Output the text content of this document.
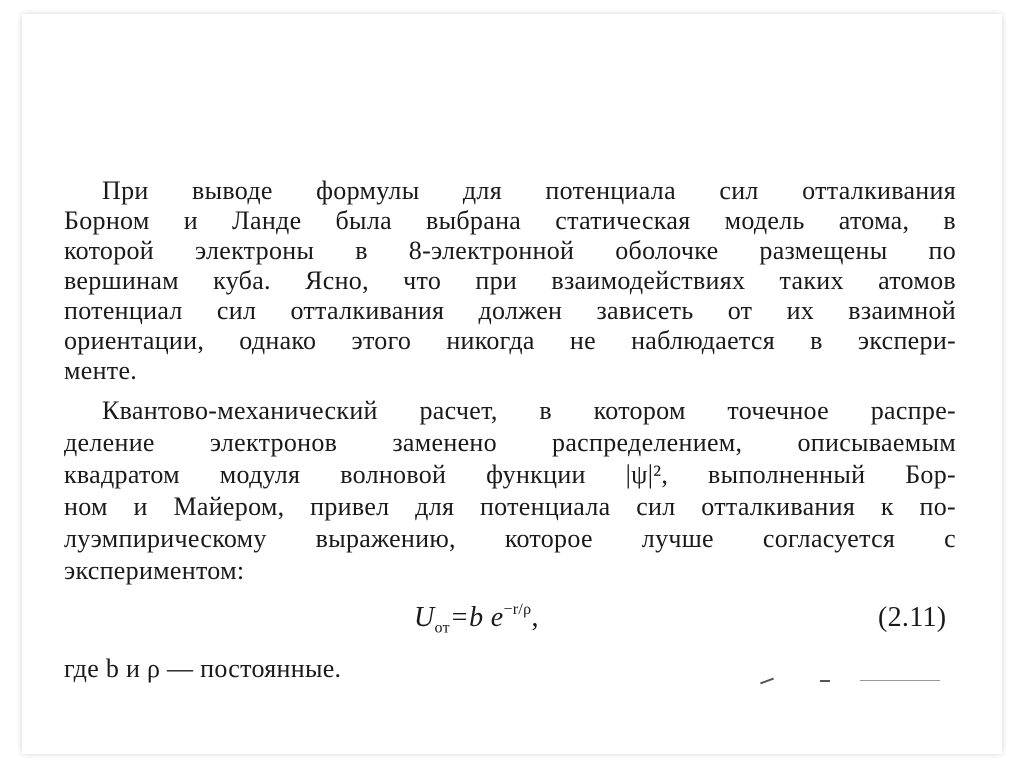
При выводе формулы для потенциала сил отталкивания
Борном и Ланде была выбрана статическая модель атома, в
которой электроны в 8-электронной оболочке размещены по
вершинам куба. Ясно, что при взаимодействиях таких атомов
потенциал сил отталкивания должен зависеть от их взаимной
ориентации, однако этого никогда не наблюдается в экспери-
менте.
Квантово-механический расчет, в котором точечное распре-
деление электронов заменено распределением, описываемым
квадратом модуля волновой функции |ψ|², выполненный Бор-
ном и Майером, привел для потенциала сил отталкивания к по-
луэмпирическому выражению, которое лучше согласуется с
экспериментом:
$U_{от}=b$ $e^{-r/\rho}$,	(2.11)
где b и ρ — постоянные.
